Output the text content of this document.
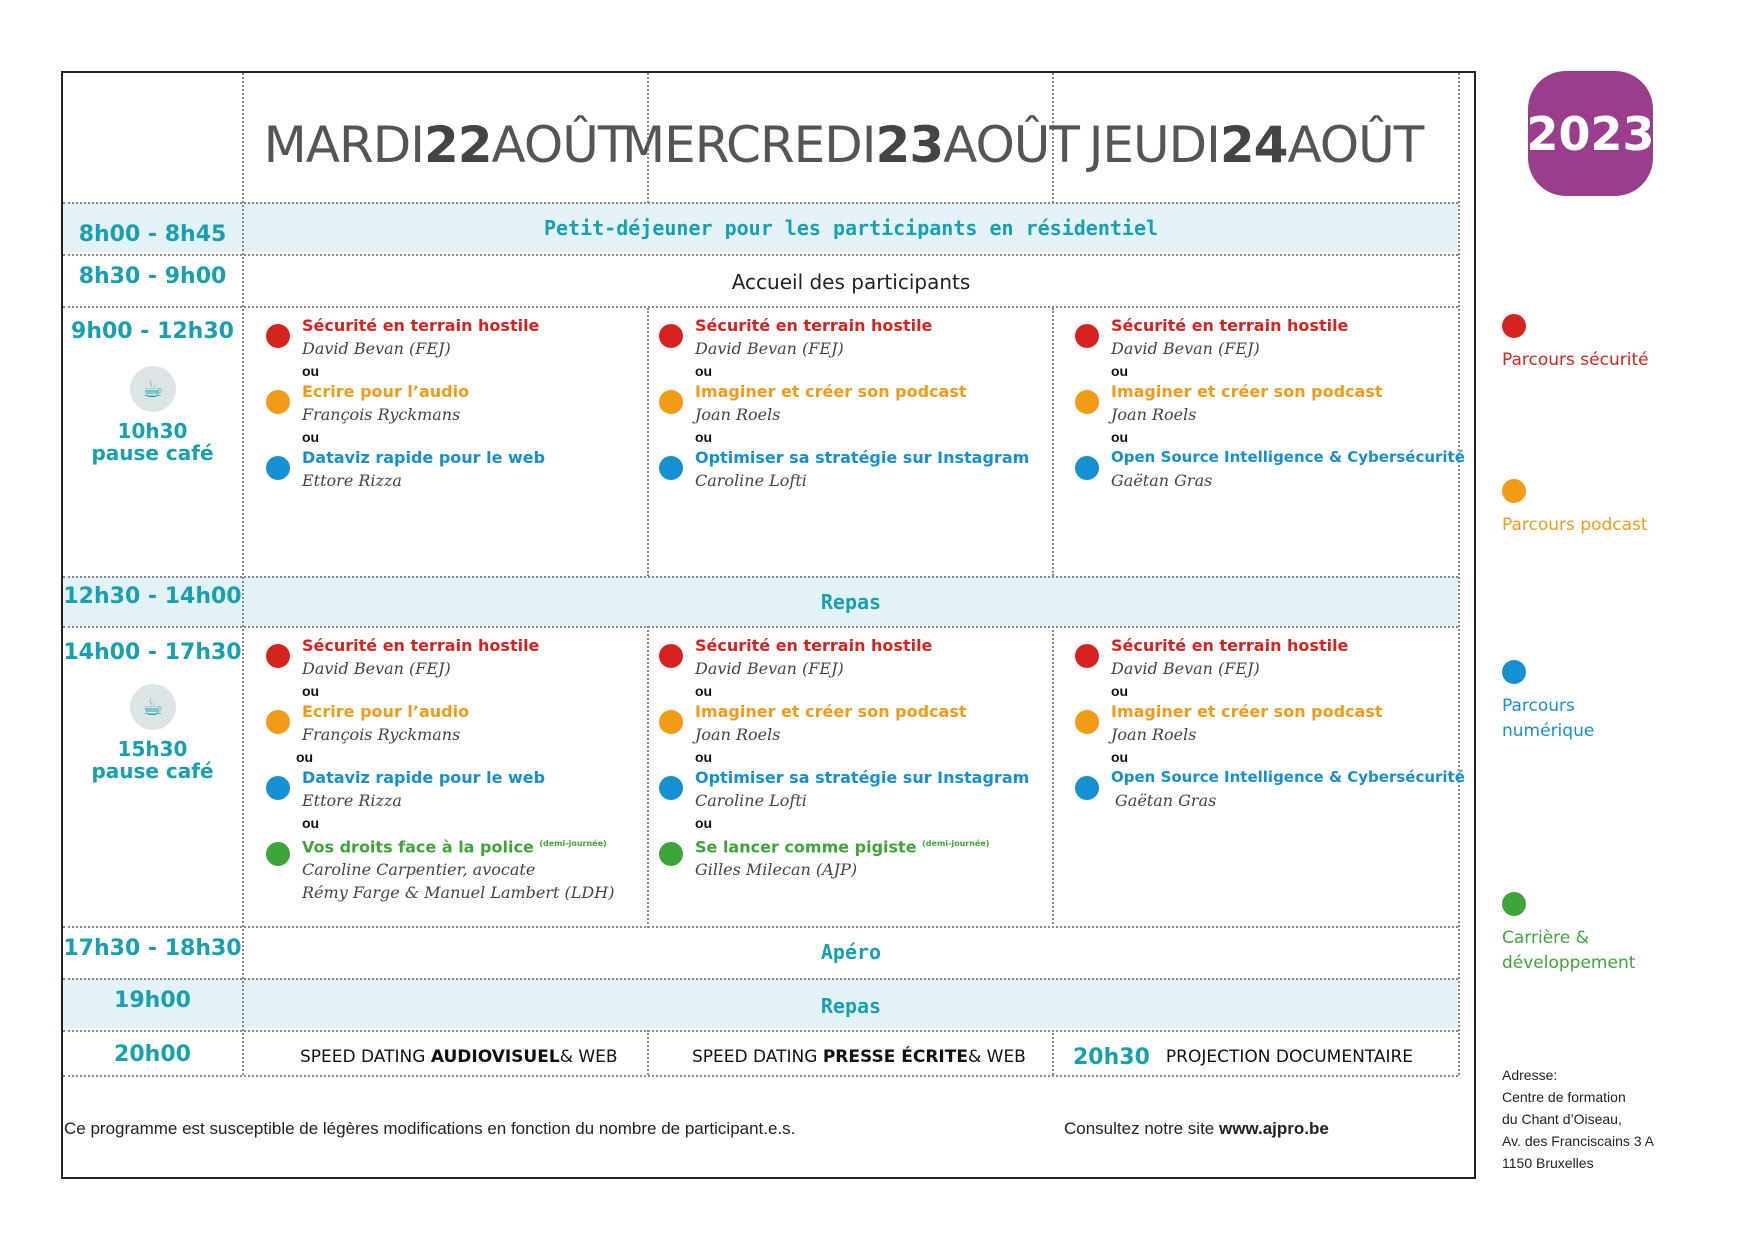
MARDI 22 AOÛT
MERCREDI 23 AOÛT JEUDI 24 AOÛT 2023
8h00 - 8h45
8h30 - 9h00
9h00 - 12h30
12h30 - 14h00
14h00 - 17h30
17h30 - 18h30
19h00
20h00
☕
10h30
pause café
☕
15h30
pause café
Petit-déjeuner pour les participants en résidentiel
Accueil des participants
Repas
Apéro
Repas
Sécurité en terrain hostile
David Bevan (FEJ)
ou
Ecrire pour l’audio
François Ryckmans
ou
Dataviz rapide pour le web
Ettore Rizza
Sécurité en terrain hostile
David Bevan (FEJ)
ou
Imaginer et créer son podcast
Joan Roels
ou
Optimiser sa stratégie sur Instagram
Caroline Lofti
Sécurité en terrain hostile
David Bevan (FEJ)
ou
Imaginer et créer son podcast
Joan Roels
ou
Open Source Intelligence & Cybersécurité
Gaëtan Gras
Sécurité en terrain hostile
David Bevan (FEJ)
ou
Ecrire pour l’audio
François Ryckmans
ou
Dataviz rapide pour le web
Ettore Rizza
ou
Vos droits face à la police $^{(demi-journée)}$
Caroline Carpentier, avocate
Rémy Farge & Manuel Lambert (LDH)
Sécurité en terrain hostile
David Bevan (FEJ)
ou
Imaginer et créer son podcast
Joan Roels
ou
Optimiser sa stratégie sur Instagram
Caroline Lofti
ou
Se lancer comme pigiste $^{(demi-journée)}$
Gilles Milecan (AJP)
Sécurité en terrain hostile
David Bevan (FEJ)
ou
Imaginer et créer son podcast
Joan Roels
ou
Open Source Intelligence & Cybersécurité
Gaëtan Gras
SPEED DATING
AUDIOVISUEL & WEB	SPEED DATING
PRESSE ÉCRITE & WEB 20h30 PROJECTION DOCUMENTAIRE
Parcours sécurité
Parcours podcast
Parcours
numérique
Carrière &
développement
Ce programme est susceptible de légères modifications en fonction du nombre de participant.e.s.	Consultez notre site www.ajpro.be
Adresse:
Centre de formation
du Chant d’Oiseau,
Av. des Franciscains 3 A
1150 Bruxelles
